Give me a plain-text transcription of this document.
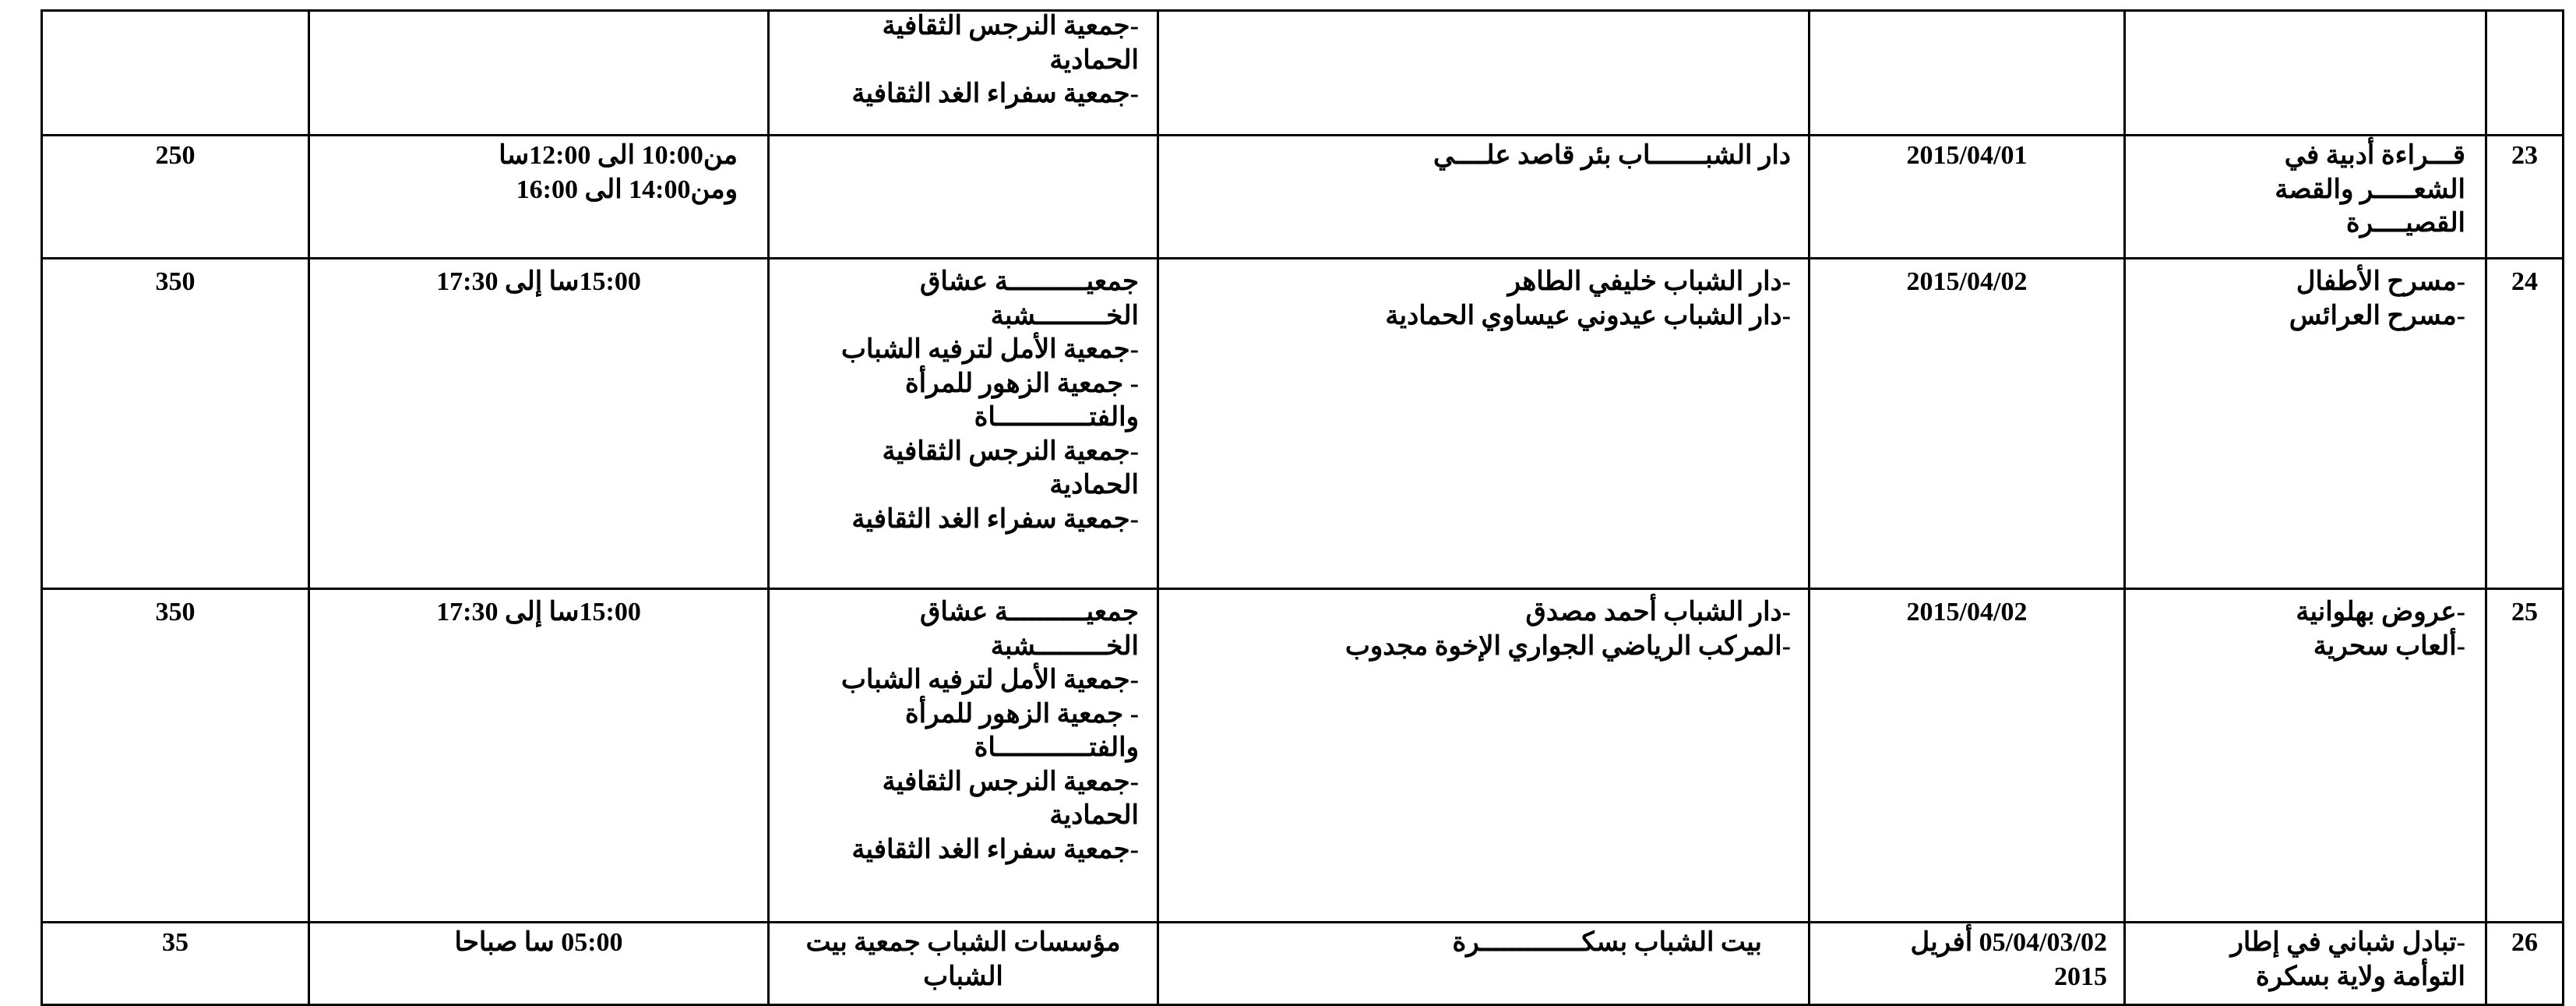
-جمعية النرجس الثقافية
الحمادية
-جمعية سفراء الغد الثقافية
23
قـــراءة أدبية في
الشعـــــر والقصة
القصيــــرة
2015/04/01
دار الشبـــــــاب بئر قاصد علــــي
من10:00 الى 12:00سا
ومن14:00 الى 16:00
250
24
-مسرح الأطفال
-مسرح العرائس
2015/04/02
-دار الشباب خليفي الطاهر
-دار الشباب عيدوني عيساوي الحمادية
جمعيــــــــــة عشاق
الخـــــــــشبة
-جمعية الأمل لترفيه الشباب
- جمعية الزهور للمرأة
والفتــــــــــــاة
-جمعية النرجس الثقافية
الحمادية
-جمعية سفراء الغد الثقافية
15:00سا إلى 17:30
350
25
-عروض بهلوانية
-ألعاب سحرية
2015/04/02
-دار الشباب أحمد مصدق
-المركب الرياضي الجواري الإخوة مجدوب
جمعيــــــــــة عشاق
الخـــــــــشبة
-جمعية الأمل لترفيه الشباب
- جمعية الزهور للمرأة
والفتــــــــــــاة
-جمعية النرجس الثقافية
الحمادية
-جمعية سفراء الغد الثقافية
15:00سا إلى 17:30
350
26
-تبادل شباني في إطار
التوأمة ولاية بسكرة
05/04/03/02 أفريل
2015
بيت الشباب بسكـــــــــــــرة
مؤسسات الشباب جمعية بيت
الشباب
05:00 سا صباحا
35
